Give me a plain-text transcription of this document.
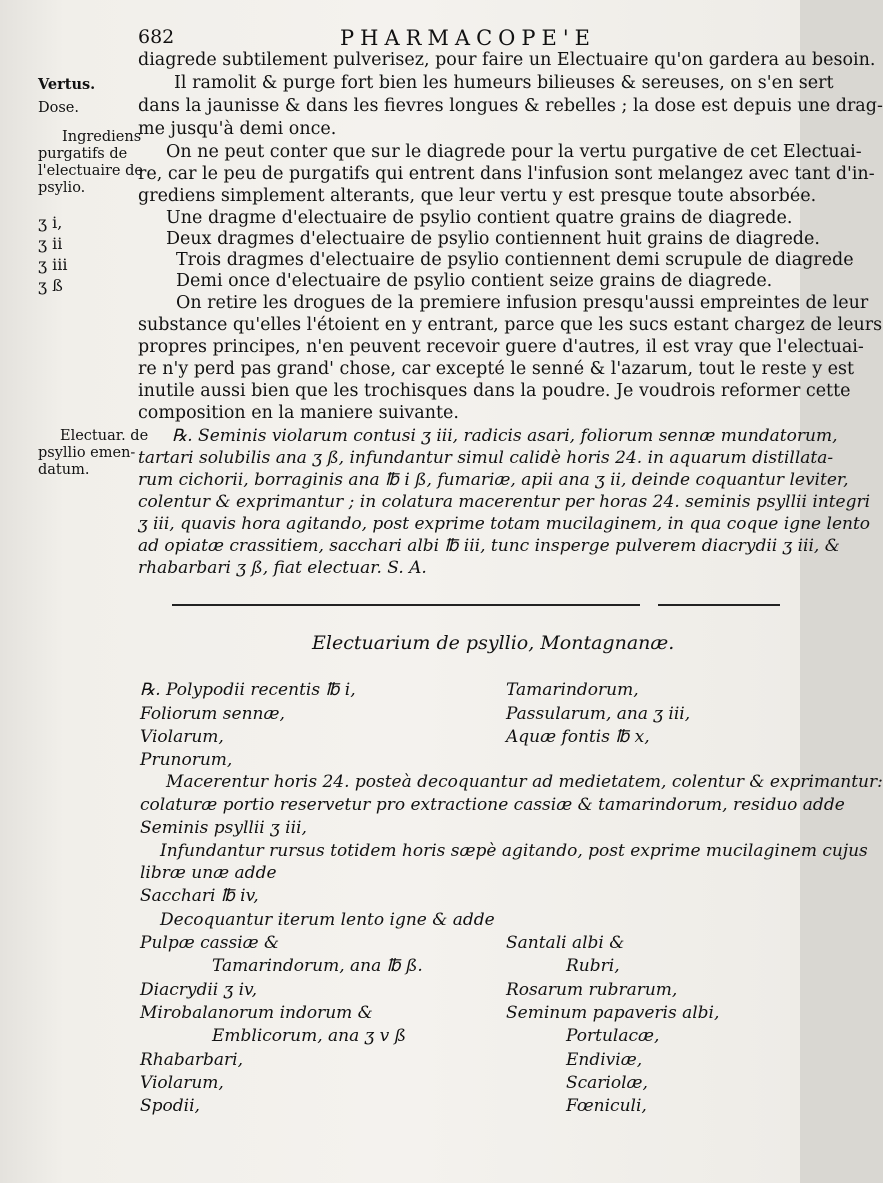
682	PHARMACOPE'E
Vertus.
Dose.
Ingrediens
purgatifs de
l'electuaire de
psylio.
ʒ i,
ʒ ii
ʒ iii
ʒ ß
Electuar. de
psyllio emen-
datum.
diagrede subtilement pulverisez, pour faire un Electuaire qu'on gardera au besoin.
Il ramolit & purge fort bien les humeurs bilieuses & sereuses, on s'en sert
dans la jaunisse & dans les fievres longues & rebelles ; la dose est depuis une drag-
me jusqu'à demi once.
On ne peut conter que sur le diagrede pour la vertu purgative de cet Electuai-
re, car le peu de purgatifs qui entrent dans l'infusion sont melangez avec tant d'in-
grediens simplement alterants, que leur vertu y est presque toute absorbée.
Une dragme d'electuaire de psylio contient quatre grains de diagrede.
Deux dragmes d'electuaire de psylio contiennent huit grains de diagrede.
Trois dragmes d'electuaire de psylio contiennent demi scrupule de diagrede
Demi once d'electuaire de psylio contient seize grains de diagrede.
On retire les drogues de la premiere infusion presqu'aussi empreintes de leur
substance qu'elles l'étoient en y entrant, parce que les sucs estant chargez de leurs
propres principes, n'en peuvent recevoir guere d'autres, il est vray que l'electuai-
re n'y perd pas grand' chose, car excepté le senné & l'azarum, tout le reste y est
inutile aussi bien que les trochisques dans la poudre. Je voudrois reformer cette
composition en la maniere suivante.
℞. Seminis violarum contusi ʒ iii, radicis asari, foliorum sennæ mundatorum,
tartari solubilis ana ʒ ß, infundantur simul calidè horis 24. in aquarum distillata-
rum cichorii, borraginis ana ℔ i ß, fumariæ, apii ana ʒ ii, deinde coquantur leviter,
colentur & exprimantur ; in colatura macerentur per horas 24. seminis psyllii integri
ʒ iii, quavis hora agitando, post exprime totam mucilaginem, in qua coque igne lento
ad opiatæ crassitiem, sacchari albi ℔ iii, tunc insperge pulverem diacrydii ʒ iii, &
rhabarbari ʒ ß, fiat electuar. S. A.
Electuarium de psyllio, Montagnanæ.
℞. Polypodii recentis ℔ i,
Foliorum sennæ,
Violarum,
Prunorum,
Tamarindorum,
Passularum, ana ʒ iii,
Aquæ fontis ℔ x,
Macerentur horis 24. posteà decoquantur ad medietatem, colentur & exprimantur:
colaturæ portio reservetur pro extractione cassiæ & tamarindorum, residuo adde
Seminis psyllii ʒ iii,
Infundantur rursus totidem horis sæpè agitando, post exprime mucilaginem cujus
libræ unæ adde
Sacchari ℔ iv,
Decoquantur iterum lento igne & adde
Pulpæ cassiæ &
Tamarindorum, ana ℔ ß.
Diacrydii ʒ iv,
Mirobalanorum indorum &
Emblicorum, ana ʒ v ß
Rhabarbari,
Violarum,
Spodii,
Santali albi &
Rubri,
Rosarum rubrarum,
Seminum papaveris albi,
Portulacæ,
Endiviæ,
Scariolæ,
Fœniculi,
